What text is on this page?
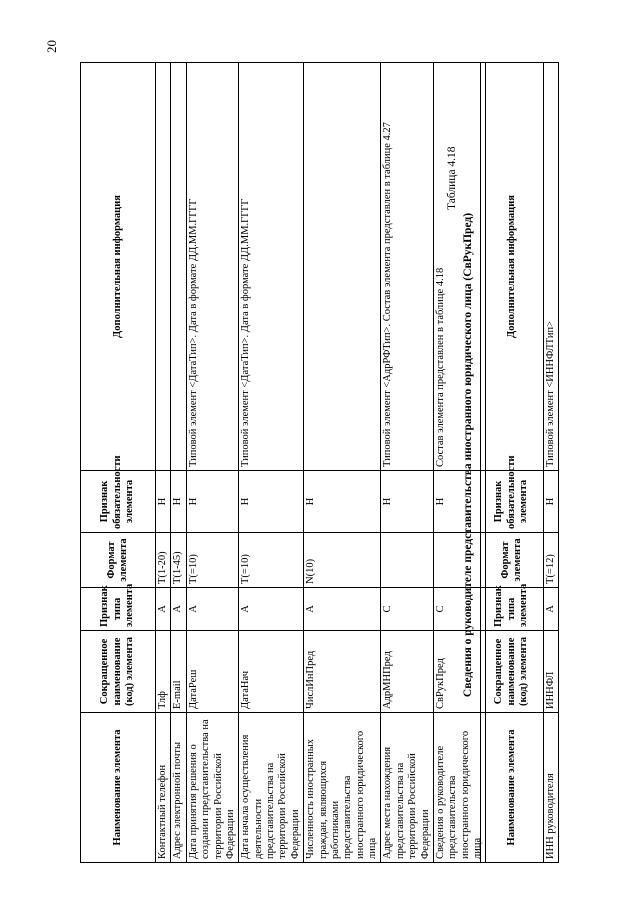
20
Наименование элемента	Сокращенное наименование (код) элемента	Признак типа элемента	Формат элемента	Признак обязательности элемента	Дополнительная информация
Контактный телефон	Тлф	А	T(1-20)	Н	
Адрес электронной почты	E-mail	А	T(1-45)	Н	
Дата принятия решения о создании представительства на территории Российской Федерации	ДатаРеш	А	T(=10)	Н	Типовой элемент <ДатаТип>. Дата в формате ДД.ММ.ГГГГ
Дата начала осуществления деятельности представительства на территории Российской Федерации	ДатаНач	А	T(=10)	Н	Типовой элемент <ДатаТип>. Дата в формате ДД.ММ.ГГГГ
Численность иностранных граждан, являющихся работниками представительства иностранного юридического лица	ЧислИнПред	А	N(10)	Н	
Адрес места нахождения представительства на территории Российской Федерации	АдрМНПред	С		Н	Типовой элемент <АдрРФТип>. Состав элемента представлен в таблице 4.27
Сведения о руководителе представительства иностранного юридического лица	СвРукПред	С		Н	Состав элемента представлен в таблице 4.18
Таблица 4.18
Сведения о руководителе представительства иностранного юридического лица (СвРукПред)
Наименование элемента	Сокращенное наименование (код) элемента	Признак типа элемента	Формат элемента	Признак обязательности элемента	Дополнительная информация
ИНН руководителя	ИННФЛ	А	T(=12)	Н	Типовой элемент <ИННФЛТип>
